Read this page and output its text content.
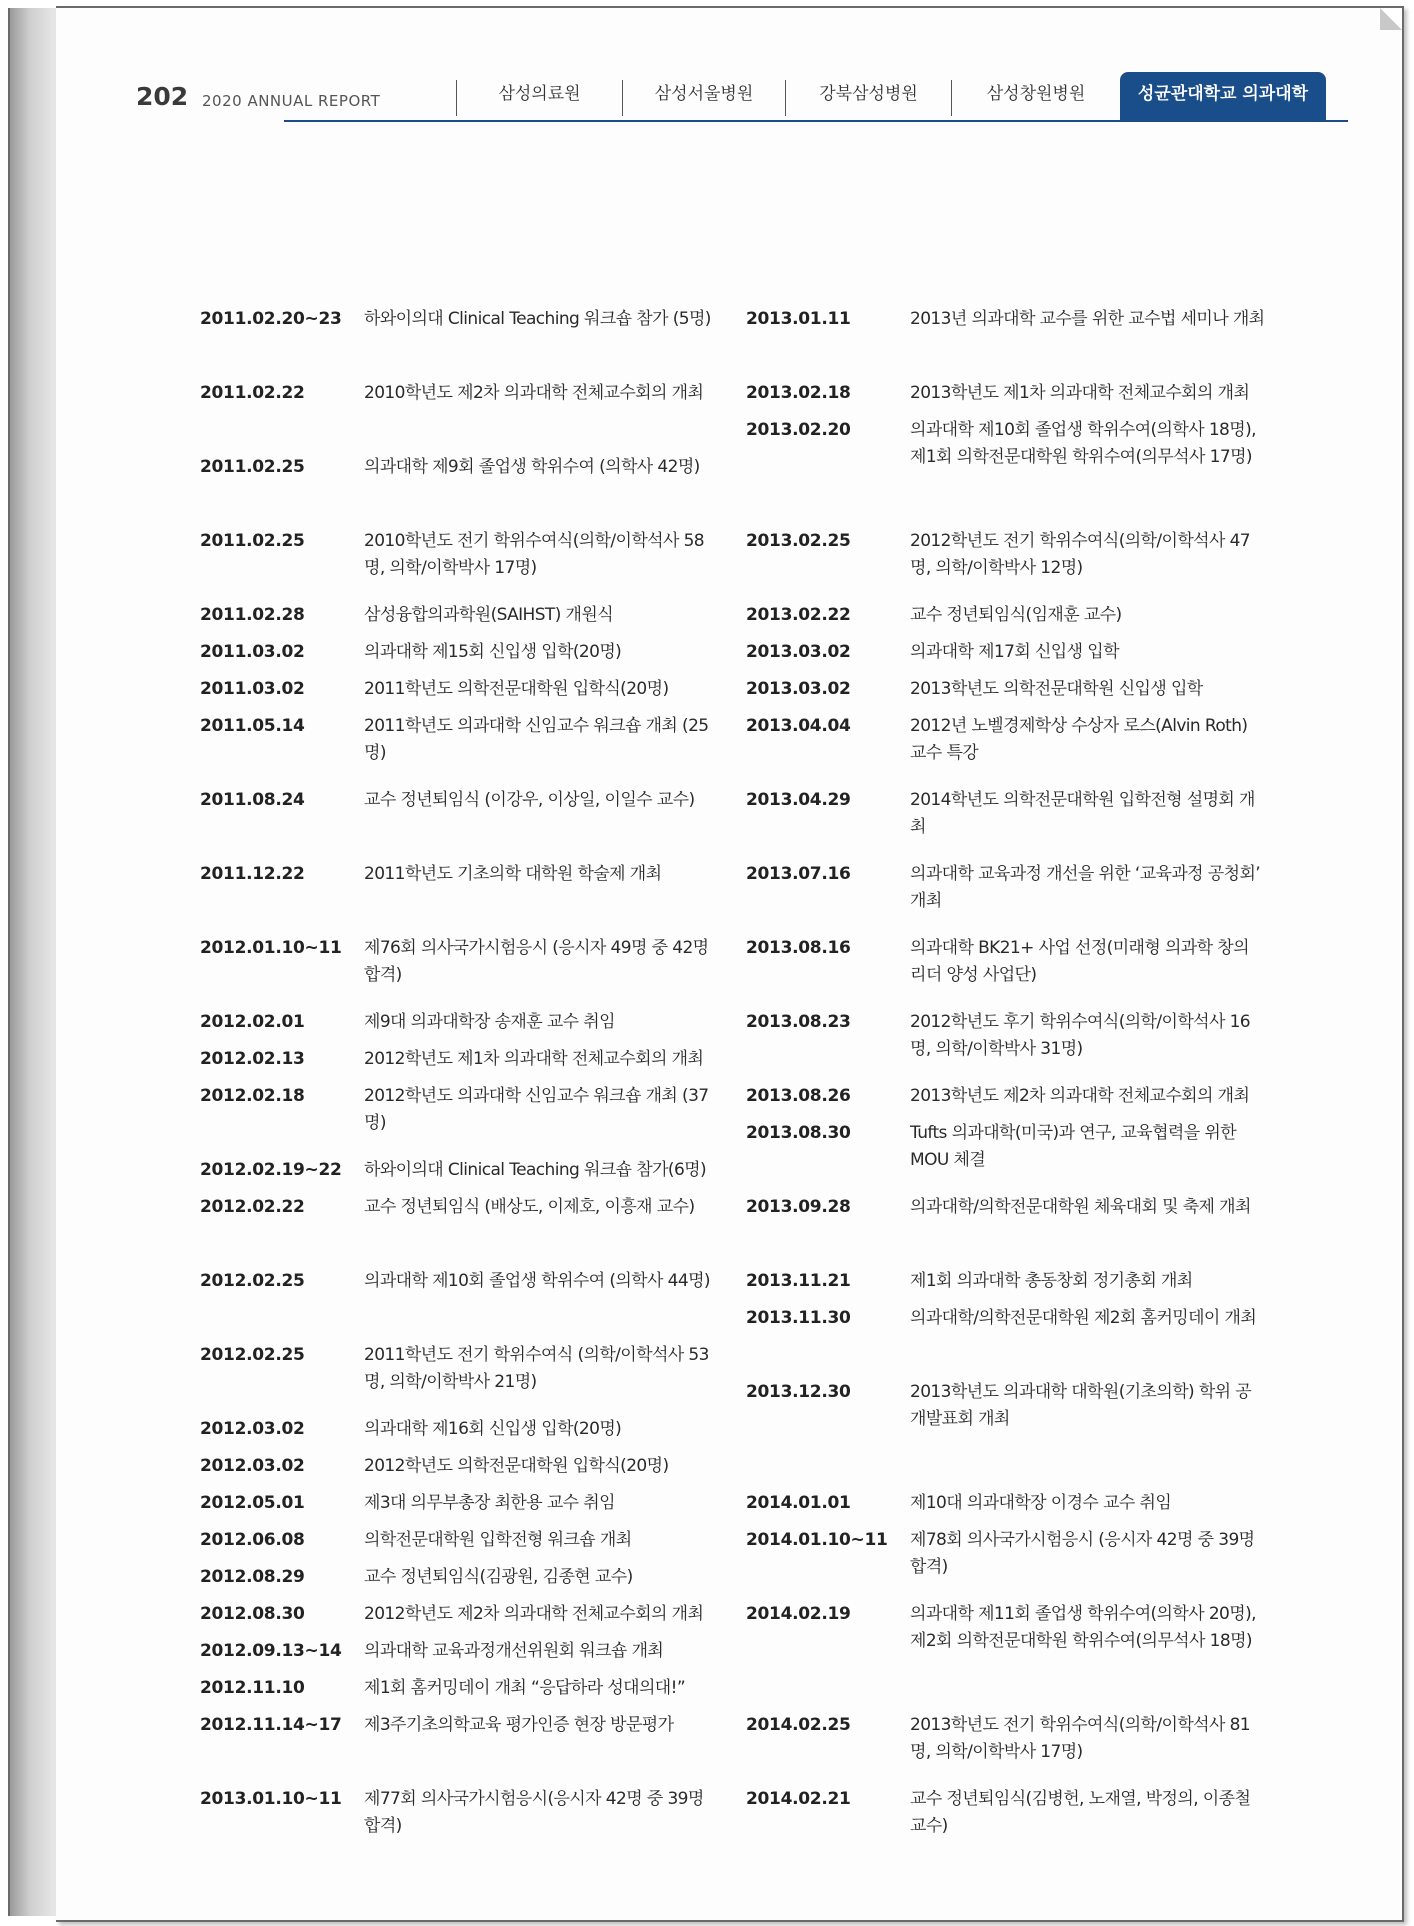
202 2020 ANNUAL REPORT	삼성의료원	삼성서울병원	강북삼성병원	삼성창원병원	성균관대학교 의과대학
2011.02.20~23 하와이의대 Clinical Teaching 워크숍 참가 (5명)
2011.02.22	2010학년도 제2차 의과대학 전체교수회의 개최
2011.02.25	의과대학 제9회 졸업생 학위수여 (의학사 42명)
2011.02.25	2010학년도 전기 학위수여식(의학/이학석사 58명, 의학/이학박사 17명)
2011.02.28	삼성융합의과학원(SAIHST) 개원식
2011.03.02	의과대학 제15회 신입생 입학(20명)
2011.03.02	2011학년도 의학전문대학원 입학식(20명)
2011.05.14	2011학년도 의과대학 신임교수 워크숍 개최 (25명)
2011.08.24	교수 정년퇴임식 (이강우, 이상일, 이일수 교수)
2011.12.22	2011학년도 기초의학 대학원 학술제 개최
2012.01.10~11 제76회 의사국가시험응시 (응시자 49명 중 42명 합격)
2012.02.01	제9대 의과대학장 송재훈 교수 취임
2012.02.13	2012학년도 제1차 의과대학 전체교수회의 개최
2012.02.18	2012학년도 의과대학 신임교수 워크숍 개최 (37명)
2012.02.19~22 하와이의대 Clinical Teaching 워크숍 참가(6명)
2012.02.22	교수 정년퇴임식 (배상도, 이제호, 이흥재 교수)
2012.02.25	의과대학 제10회 졸업생 학위수여 (의학사 44명)
2012.02.25	2011학년도 전기 학위수여식 (의학/이학석사 53명, 의학/이학박사 21명)
2012.03.02	의과대학 제16회 신입생 입학(20명)
2012.03.02	2012학년도 의학전문대학원 입학식(20명)
2012.05.01	제3대 의무부총장 최한용 교수 취임
2012.06.08	의학전문대학원 입학전형 워크숍 개최
2012.08.29	교수 정년퇴임식(김광원, 김종현 교수)
2012.08.30	2012학년도 제2차 의과대학 전체교수회의 개최
2012.09.13~14 의과대학 교육과정개선위원회 워크숍 개최
2012.11.10	제1회 홈커밍데이 개최 “응답하라 성대의대!”
2012.11.14~17 제3주기초의학교육 평가인증 현장 방문평가
2013.01.10~11 제77회 의사국가시험응시(응시자 42명 중 39명 합격)
2013.01.11	2013년 의과대학 교수를 위한 교수법 세미나 개최
2013.02.18	2013학년도 제1차 의과대학 전체교수회의 개최
2013.02.20	의과대학 제10회 졸업생 학위수여(의학사 18명), 제1회 의학전문대학원 학위수여(의무석사 17명)
2013.02.25	2012학년도 전기 학위수여식(의학/이학석사 47명, 의학/이학박사 12명)
2013.02.22	교수 정년퇴임식(임재훈 교수)
2013.03.02	의과대학 제17회 신입생 입학
2013.03.02	2013학년도 의학전문대학원 신입생 입학
2013.04.04	2012년 노벨경제학상 수상자 로스(Alvin Roth) 교수 특강
2013.04.29	2014학년도 의학전문대학원 입학전형 설명회 개최
2013.07.16	의과대학 교육과정 개선을 위한 ‘교육과정 공청회’ 개최
2013.08.16	의과대학 BK21+ 사업 선정(미래형 의과학 창의 리더 양성 사업단)
2013.08.23	2012학년도 후기 학위수여식(의학/이학석사 16명, 의학/이학박사 31명)
2013.08.26	2013학년도 제2차 의과대학 전체교수회의 개최
2013.08.30	Tufts 의과대학(미국)과 연구, 교육협력을 위한 MOU 체결
2013.09.28	의과대학/의학전문대학원 체육대회 및 축제 개최
2013.11.21	제1회 의과대학 총동창회 정기총회 개최
2013.11.30	의과대학/의학전문대학원 제2회 홈커밍데이 개최
2013.12.30	2013학년도 의과대학 대학원(기초의학) 학위 공개발표회 개최
2014.01.01	제10대 의과대학장 이경수 교수 취임
2014.01.10~11 제78회 의사국가시험응시 (응시자 42명 중 39명 합격)
2014.02.19	의과대학 제11회 졸업생 학위수여(의학사 20명), 제2회 의학전문대학원 학위수여(의무석사 18명)
2014.02.25	2013학년도 전기 학위수여식(의학/이학석사 81명, 의학/이학박사 17명)
2014.02.21	교수 정년퇴임식(김병헌, 노재열, 박정의, 이종철 교수)
